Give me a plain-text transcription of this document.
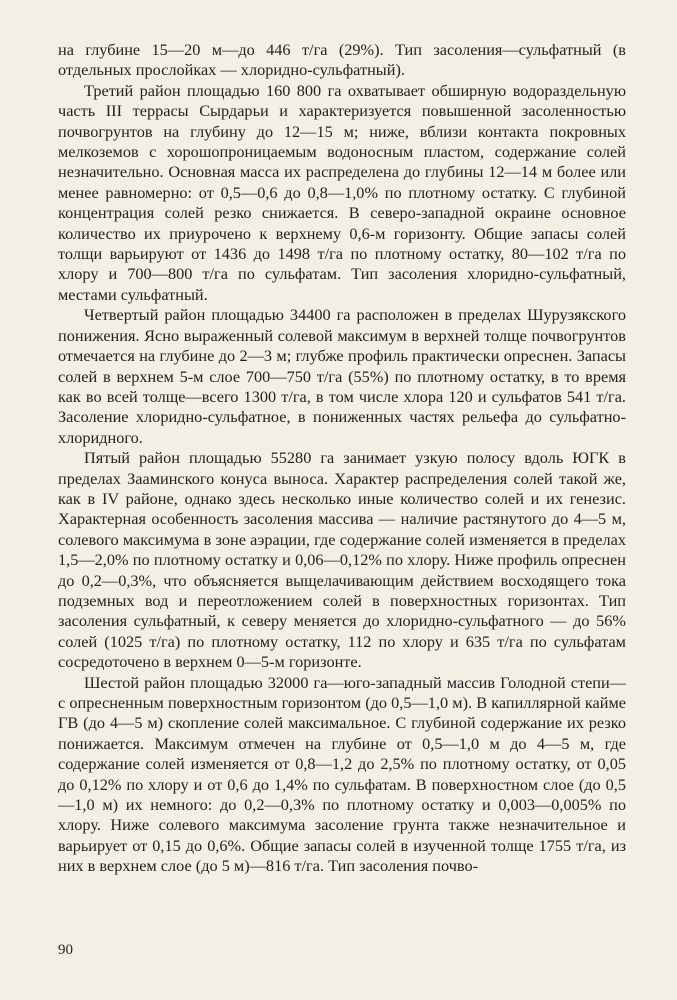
на глубине 15—20 м—до 446 т/га (29%). Тип засоления—сульфатный (в отдельных прослойках — хлоридно-сульфатный).

Третий район площадью 160 800 га охватывает обширную водораздельную часть III террасы Сырдарьи и характеризуется повышенной засоленностью почвогрунтов на глубину до 12—15 м; ниже, вблизи контакта покровных мелкоземов с хорошопроницаемым водоносным пластом, содержание солей незначительно. Основная масса их распределена до глубины 12—14 м более или менее равномерно: от 0,5—0,6 до 0,8—1,0% по плотному остатку. С глубиной концентрация солей резко снижается. В северо-западной окраине основное количество их приурочено к верхнему 0,6-м горизонту. Общие запасы солей толщи варьируют от 1436 до 1498 т/га по плотному остатку, 80—102 т/га по хлору и 700—800 т/га по сульфатам. Тип засоления хлоридно-сульфатный, местами сульфатный.

Четвертый район площадью 34400 га расположен в пределах Шурузякского понижения. Ясно выраженный солевой максимум в верхней толще почвогрунтов отмечается на глубине до 2—3 м; глубже профиль практически опреснен. Запасы солей в верхнем 5-м слое 700—750 т/га (55%) по плотному остатку, в то время как во всей толще—всего 1300 т/га, в том числе хлора 120 и сульфатов 541 т/га. Засоление хлоридно-сульфатное, в пониженных частях рельефа до сульфатно-хлоридного.

Пятый район площадью 55280 га занимает узкую полосу вдоль ЮГК в пределах Зааминского конуса выноса. Характер распределения солей такой же, как в IV районе, однако здесь несколько иные количество солей и их генезис. Характерная особенность засоления массива — наличие растянутого до 4—5 м, солевого максимума в зоне аэрации, где содержание солей изменяется в пределах 1,5—2,0% по плотному остатку и 0,06—0,12% по хлору. Ниже профиль опреснен до 0,2—0,3%, что объясняется выщелачивающим действием восходящего тока подземных вод и переотложением солей в поверхностных горизонтах. Тип засоления сульфатный, к северу меняется до хлоридно-сульфатного — до 56% солей (1025 т/га) по плотному остатку, 112 по хлору и 635 т/га по сульфатам сосредоточено в верхнем 0—5-м горизонте.

Шестой район площадью 32000 га—юго-западный массив Голодной степи—с опресненным поверхностным горизонтом (до 0,5—1,0 м). В капиллярной кайме ГВ (до 4—5 м) скопление солей максимальное. С глубиной содержание их резко понижается. Максимум отмечен на глубине от 0,5—1,0 м до 4—5 м, где содержание солей изменяется от 0,8—1,2 до 2,5% по плотному остатку, от 0,05 до 0,12% по хлору и от 0,6 до 1,4% по сульфатам. В поверхностном слое (до 0,5—1,0 м) их немного: до 0,2—0,3% по плотному остатку и 0,003—0,005% по хлору. Ниже солевого максимума засоление грунта также незначительное и варьирует от 0,15 до 0,6%. Общие запасы солей в изученной толще 1755 т/га, из них в верхнем слое (до 5 м)—816 т/га. Тип засоления почво-

90
